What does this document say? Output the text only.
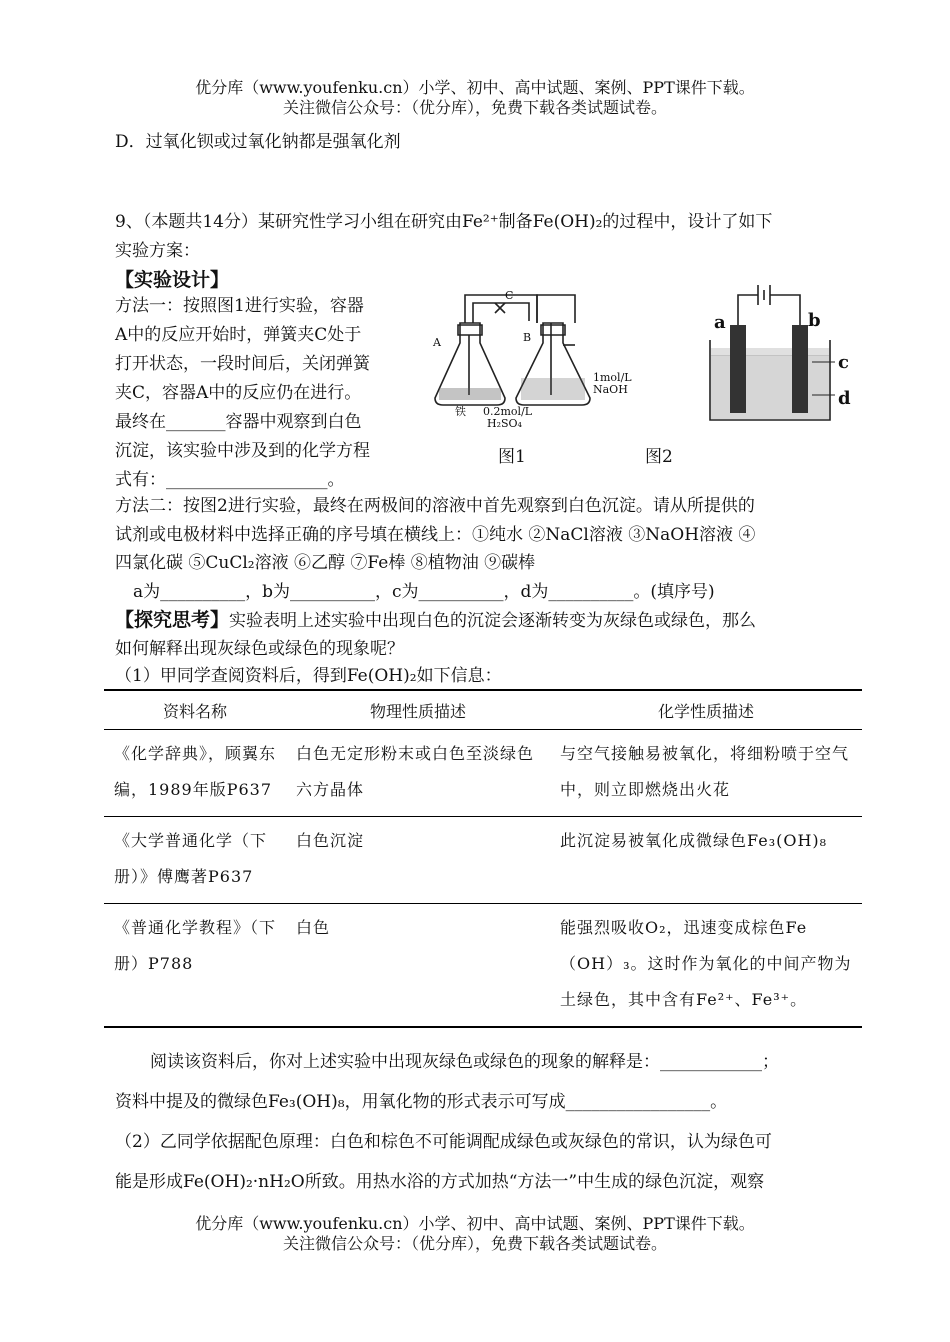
优分库（www.youfenku.cn）小学、初中、高中试题、案例、PPT课件下载。
关注微信公众号：（优分库），免费下载各类试题试卷。
D．过氧化钡或过氧化钠都是强氧化剂
9、（本题共14分）某研究性学习小组在研究由Fe²⁺制备Fe(OH)₂的过程中，设计了如下
实验方案：
【实验设计】
方法一：按照图1进行实验，容器
A中的反应开始时，弹簧夹C处于
打开状态，一段时间后，关闭弹簧
夹C，容器A中的反应仍在进行。
最终在_______容器中观察到白色
沉淀，该实验中涉及到的化学方程
式有：___________________。
A	B
C
1mol/L
NaOH
铁 0.2mol/L
H₂SO₄
a	b
c
d
图1	图2
方法二：按图2进行实验，最终在两极间的溶液中首先观察到白色沉淀。请从所提供的
试剂或电极材料中选择正确的序号填在横线上：①纯水 ②NaCl溶液 ③NaOH溶液 ④
四氯化碳 ⑤CuCl₂溶液 ⑥乙醇 ⑦Fe棒 ⑧植物油 ⑨碳棒
a为__________，b为__________，c为__________，d为__________。(填序号)
【探究思考】实验表明上述实验中出现白色的沉淀会逐渐转变为灰绿色或绿色，那么
如何解释出现灰绿色或绿色的现象呢？
（1）甲同学查阅资料后，得到Fe(OH)₂如下信息：
资料名称	物理性质描述	化学性质描述
《化学辞典》，顾翼东编，1989年版P637	白色无定形粉末或白色至淡绿色六方晶体	与空气接触易被氧化，将细粉喷于空气中，则立即燃烧出火花
《大学普通化学（下册）》傅鹰著P637	白色沉淀	此沉淀易被氧化成微绿色Fe₃(OH)₈
《普通化学教程》（下册）P788	白色	能强烈吸收O₂，迅速变成棕色Fe（OH）₃。这时作为氧化的中间产物为土绿色，其中含有Fe²⁺、Fe³⁺。
阅读该资料后，你对上述实验中出现灰绿色或绿色的现象的解释是：____________；
资料中提及的微绿色Fe₃(OH)₈，用氧化物的形式表示可写成_________________。
（2）乙同学依据配色原理：白色和棕色不可能调配成绿色或灰绿色的常识，认为绿色可
能是形成Fe(OH)₂·nH₂O所致。用热水浴的方式加热“方法一”中生成的绿色沉淀，观察
优分库（www.youfenku.cn）小学、初中、高中试题、案例、PPT课件下载。
关注微信公众号：（优分库），免费下载各类试题试卷。
